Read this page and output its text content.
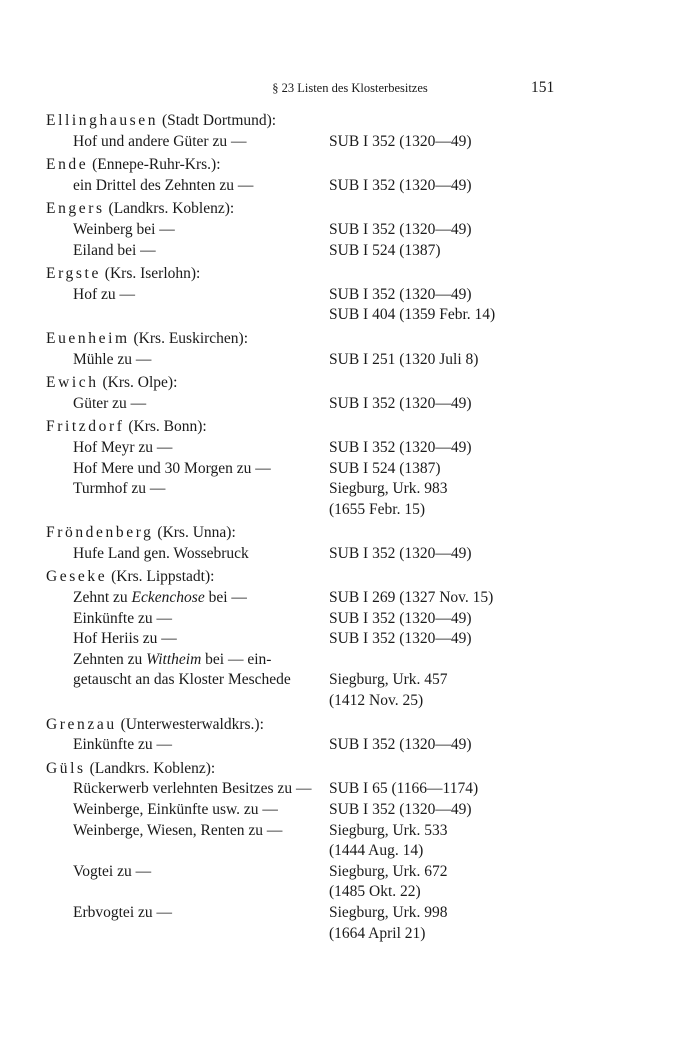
§ 23 Listen des Klosterbesitzes	151
Ellinghausen (Stadt Dortmund):
Hof und andere Güter zu —	SUB I 352 (1320—49)
Ende (Ennepe-Ruhr-Krs.):
ein Drittel des Zehnten zu —	SUB I 352 (1320—49)
Engers (Landkrs. Koblenz):
Weinberg bei —	SUB I 352 (1320—49)
Eiland bei —	SUB I 524 (1387)
Ergste (Krs. Iserlohn):
Hof zu —	SUB I 352 (1320—49)
SUB I 404 (1359 Febr. 14)
Euenheim (Krs. Euskirchen):
Mühle zu —	SUB I 251 (1320 Juli 8)
Ewich (Krs. Olpe):
Güter zu —	SUB I 352 (1320—49)
Fritzdorf (Krs. Bonn):
Hof Meyr zu —	SUB I 352 (1320—49)
Hof Mere und 30 Morgen zu —	SUB I 524 (1387)
Turmhof zu —	Siegburg, Urk. 983
(1655 Febr. 15)
Fröndenberg (Krs. Unna):
Hufe Land gen. Wossebruck	SUB I 352 (1320—49)
Geseke (Krs. Lippstadt):
Zehnt zu Eckenchose bei —	SUB I 269 (1327 Nov. 15)
Einkünfte zu —	SUB I 352 (1320—49)
Hof Heriis zu —	SUB I 352 (1320—49)
Zehnten zu Wittheim bei — ein-
getauscht an das Kloster Meschede	Siegburg, Urk. 457
(1412 Nov. 25)
Grenzau (Unterwesterwaldkrs.):
Einkünfte zu —	SUB I 352 (1320—49)
Güls (Landkrs. Koblenz):
Rückerwerb verlehnten Besitzes zu —	SUB I 65 (1166—1174)
Weinberge, Einkünfte usw. zu —	SUB I 352 (1320—49)
Weinberge, Wiesen, Renten zu —	Siegburg, Urk. 533
(1444 Aug. 14)
Vogtei zu —	Siegburg, Urk. 672
(1485 Okt. 22)
Erbvogtei zu —	Siegburg, Urk. 998
(1664 April 21)
